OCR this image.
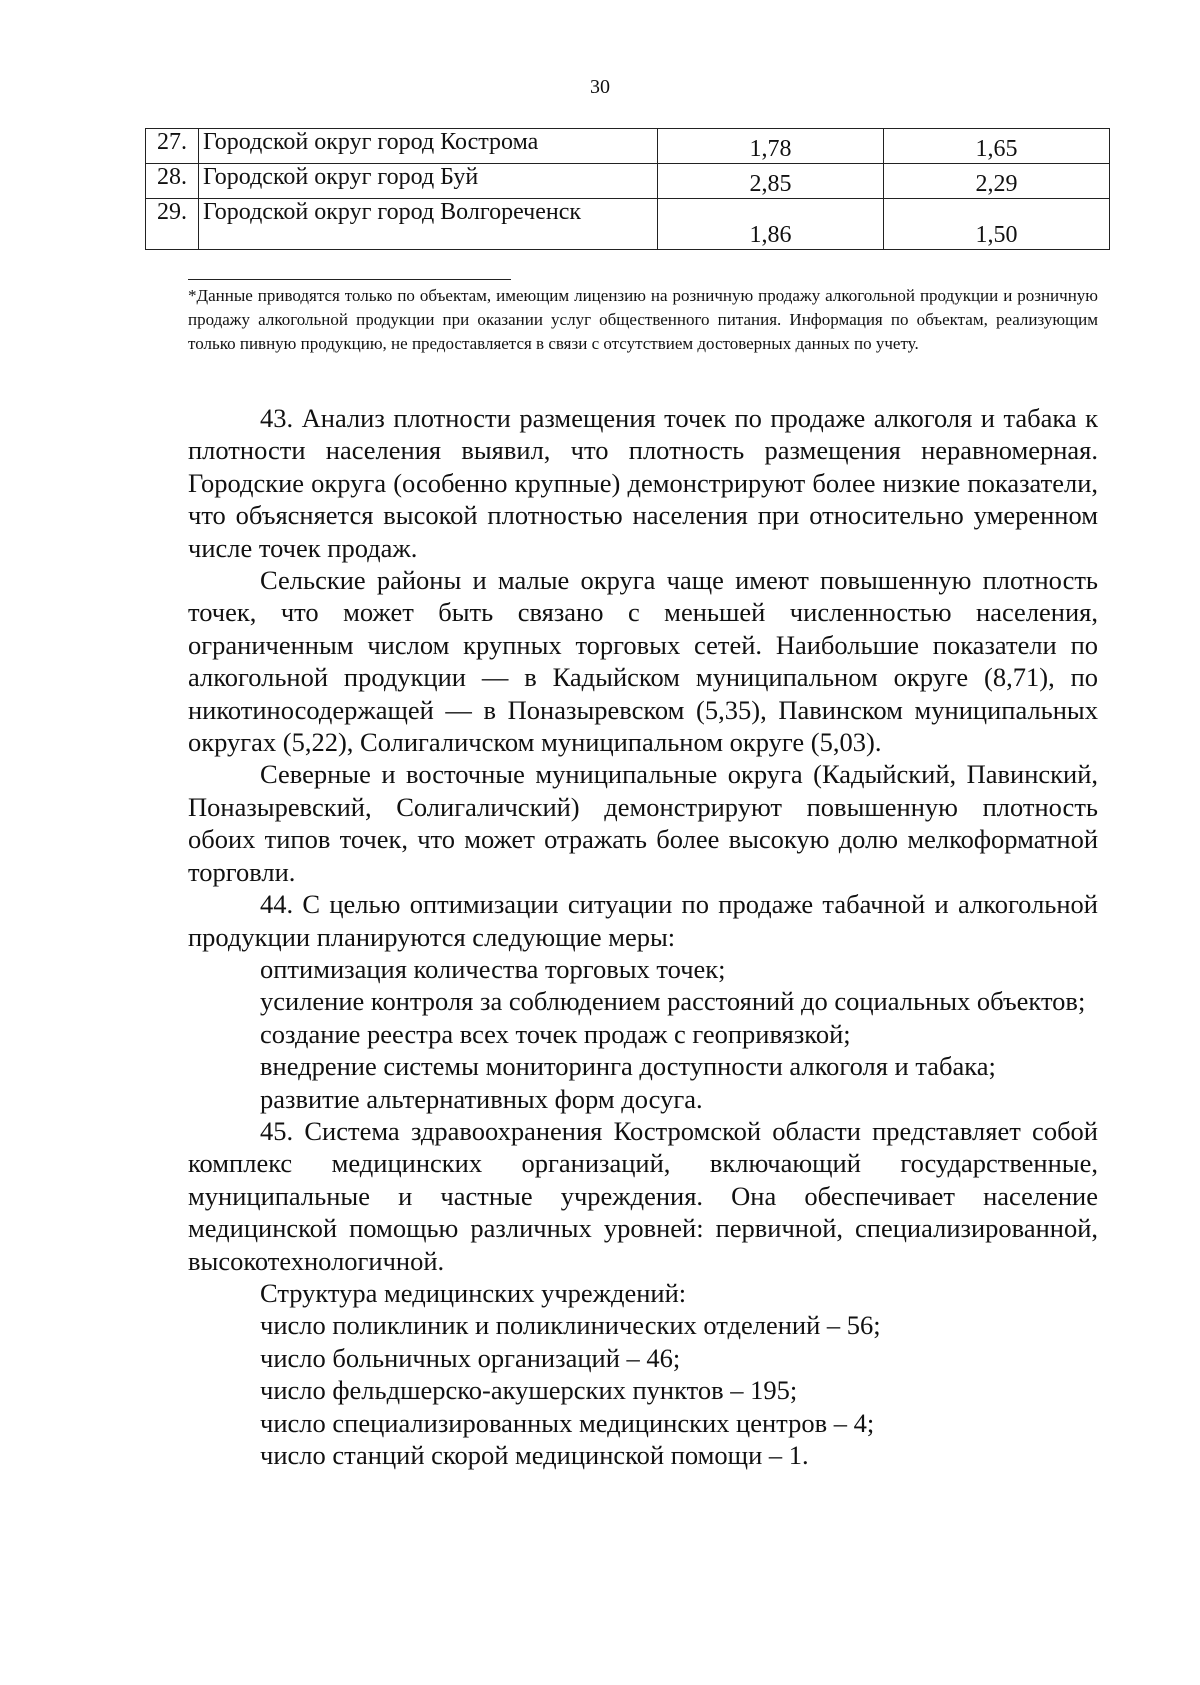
30
27.	Городской округ город Кострома	1,78	1,65
28.	Городской округ город Буй	2,85	2,29
29.	Городской округ город Волгореченск	1,86	1,50
*Данные приводятся только по объектам, имеющим лицензию на розничную продажу алкогольной продукции и розничную продажу алкогольной продукции при оказании услуг общественного питания. Информация по объектам, реализующим только пивную продукцию, не предоставляется в связи с отсутствием достоверных данных по учету.

43. Анализ плотности размещения точек по продаже алкоголя и табака к плотности населения выявил, что плотность размещения неравномерная. Городские округа (особенно крупные) демонстрируют более низкие показатели, что объясняется высокой плотностью населения при относительно умеренном числе точек продаж.

Сельские районы и малые округа чаще имеют повышенную плотность точек, что может быть связано с меньшей численностью населения, ограниченным числом крупных торговых сетей. Наибольшие показатели по алкогольной продукции — в Кадыйском муниципальном округе (8,71), по никотиносодержащей — в Поназыревском (5,35), Павинском муниципальных округах (5,22), Солигаличском муниципальном округе (5,03).

Северные и восточные муниципальные округа (Кадыйский, Павинский, Поназыревский, Солигаличский) демонстрируют повышенную плотность обоих типов точек, что может отражать более высокую долю мелкоформатной торговли.

44. С целью оптимизации ситуации по продаже табачной и алкогольной продукции планируются следующие меры:

оптимизация количества торговых точек;

усиление контроля за соблюдением расстояний до социальных объектов;

создание реестра всех точек продаж с геопривязкой;

внедрение системы мониторинга доступности алкоголя и табака;

развитие альтернативных форм досуга.

45. Система здравоохранения Костромской области представляет собой комплекс медицинских организаций, включающий государственные, муниципальные и частные учреждения. Она обеспечивает население медицинской помощью различных уровней: первичной, специализированной, высокотехнологичной.

Структура медицинских учреждений:

число поликлиник и поликлинических отделений – 56;

число больничных организаций – 46;

число фельдшерско-акушерских пунктов – 195;

число специализированных медицинских центров – 4;

число станций скорой медицинской помощи – 1.
